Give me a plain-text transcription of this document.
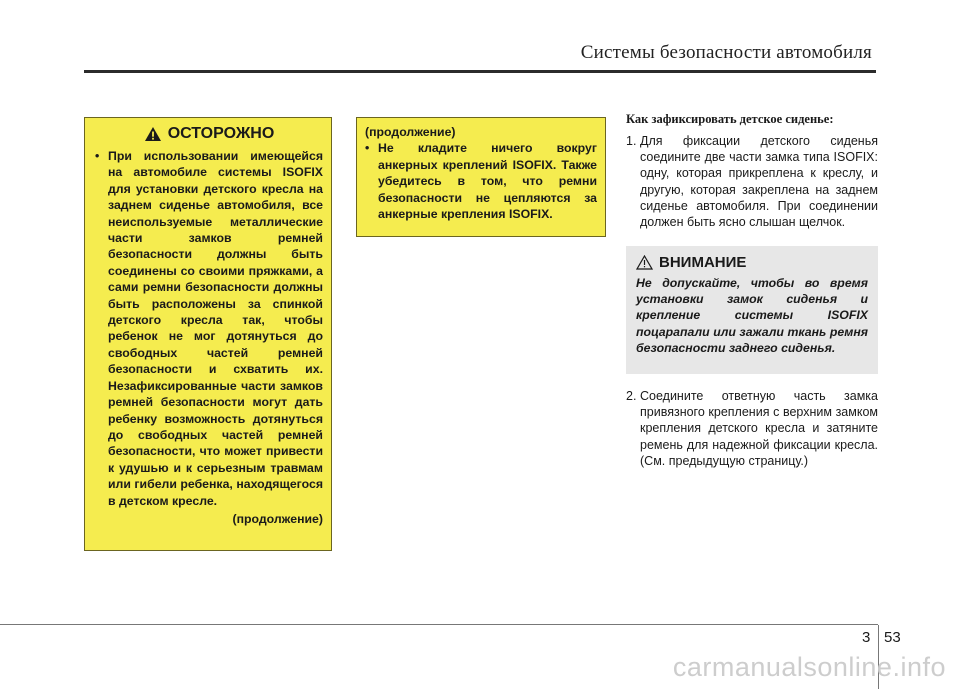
Системы безопасности автомобиля
ОСТОРОЖНО
• При использовании имеющейся на автомобиле системы ISOFIX для установки детского кресла на заднем сиденье автомобиля, все неиспользуемые металлические части замков ремней безопасности должны быть соединены со своими пряжками, а сами ремни безопасности должны быть расположены за спинкой детского кресла так, чтобы ребенок не мог дотянуться до свободных частей ремней безопасности и схватить их. Незафиксированные части замков ремней безопасности могут дать ребенку возможность дотянуться до свободных частей ремней безопасности, что может привести к удушью и к серьезным травмам или гибели ребенка, находящегося в детском кресле.
(продолжение)
(продолжение)
• Не кладите ничего вокруг анкерных креплений ISOFIX. Также убедитесь в том, что ремни безопасности не цепляются за анкерные крепления ISOFIX.
Как зафиксировать детское сиденье:
1. Для фиксации детского сиденья соедините две части замка типа ISOFIX: одну, которая прикреплена к креслу, и другую, которая закреплена на заднем сиденье автомобиля. При соединении должен быть ясно слышан щелчок.
ВНИМАНИЕ
Не допускайте, чтобы во время установки замок сиденья и крепление системы ISOFIX поцарапали или зажали ткань ремня безопасности заднего сиденья.
2. Соедините ответную часть замка привязного крепления с верхним замком крепления детского кресла и затяните ремень для надежной фиксации кресла. (См. предыдущую страницу.)
3 53
carmanualsonline.info
